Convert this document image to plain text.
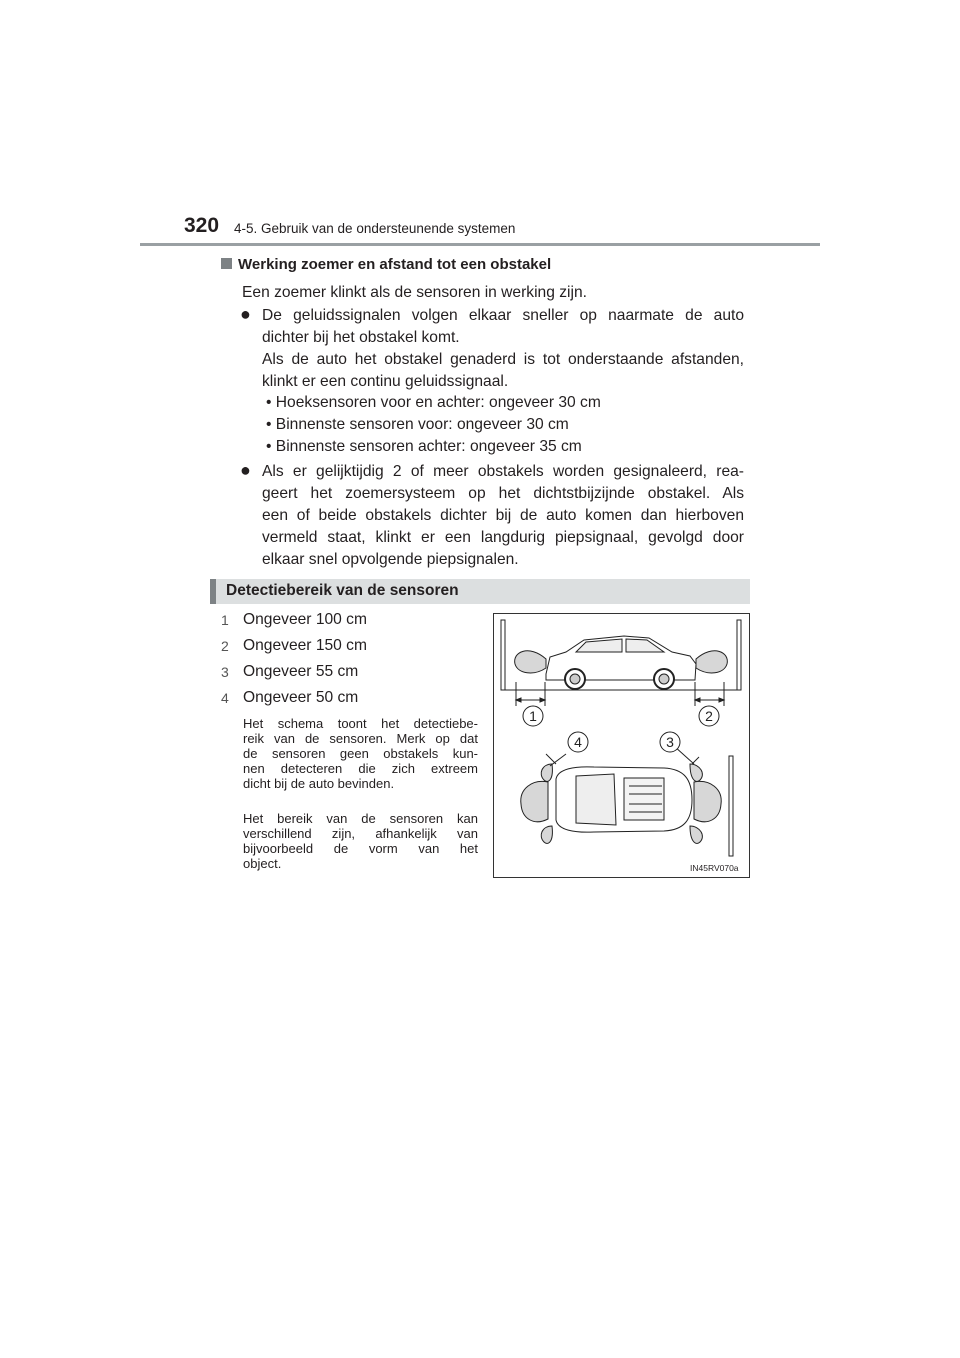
320 4-5. Gebruik van de ondersteunende systemen
Werking zoemer en afstand tot een obstakel
Een zoemer klinkt als de sensoren in werking zijn.
● De geluidssignalen volgen elkaar sneller op naarmate de auto
dichter bij het obstakel komt.
Als de auto het obstakel genaderd is tot onderstaande afstanden,
klinkt er een continu geluidssignaal.
• Hoeksensoren voor en achter: ongeveer 30 cm
• Binnenste sensoren voor: ongeveer 30 cm
• Binnenste sensoren achter: ongeveer 35 cm
● Als er gelijktijdig 2 of meer obstakels worden gesignaleerd, rea-
geert het zoemersysteem op het dichtstbijzijnde obstakel. Als
een of beide obstakels dichter bij de auto komen dan hierboven
vermeld staat, klinkt er een langdurig piepsignaal, gevolgd door
elkaar snel opvolgende piepsignalen.
Detectiebereik van de sensoren
1 Ongeveer 100 cm
2 Ongeveer 150 cm
3 Ongeveer 55 cm
4 Ongeveer 50 cm
Het schema toont het detectiebe-
reik van de sensoren. Merk op dat
de sensoren geen obstakels kun-
nen detecteren die zich extreem
dicht bij de auto bevinden.
Het bereik van de sensoren kan
verschillend zijn, afhankelijk van
bijvoorbeeld de vorm van het
object.
1	2
4	3
IN45RV070a
